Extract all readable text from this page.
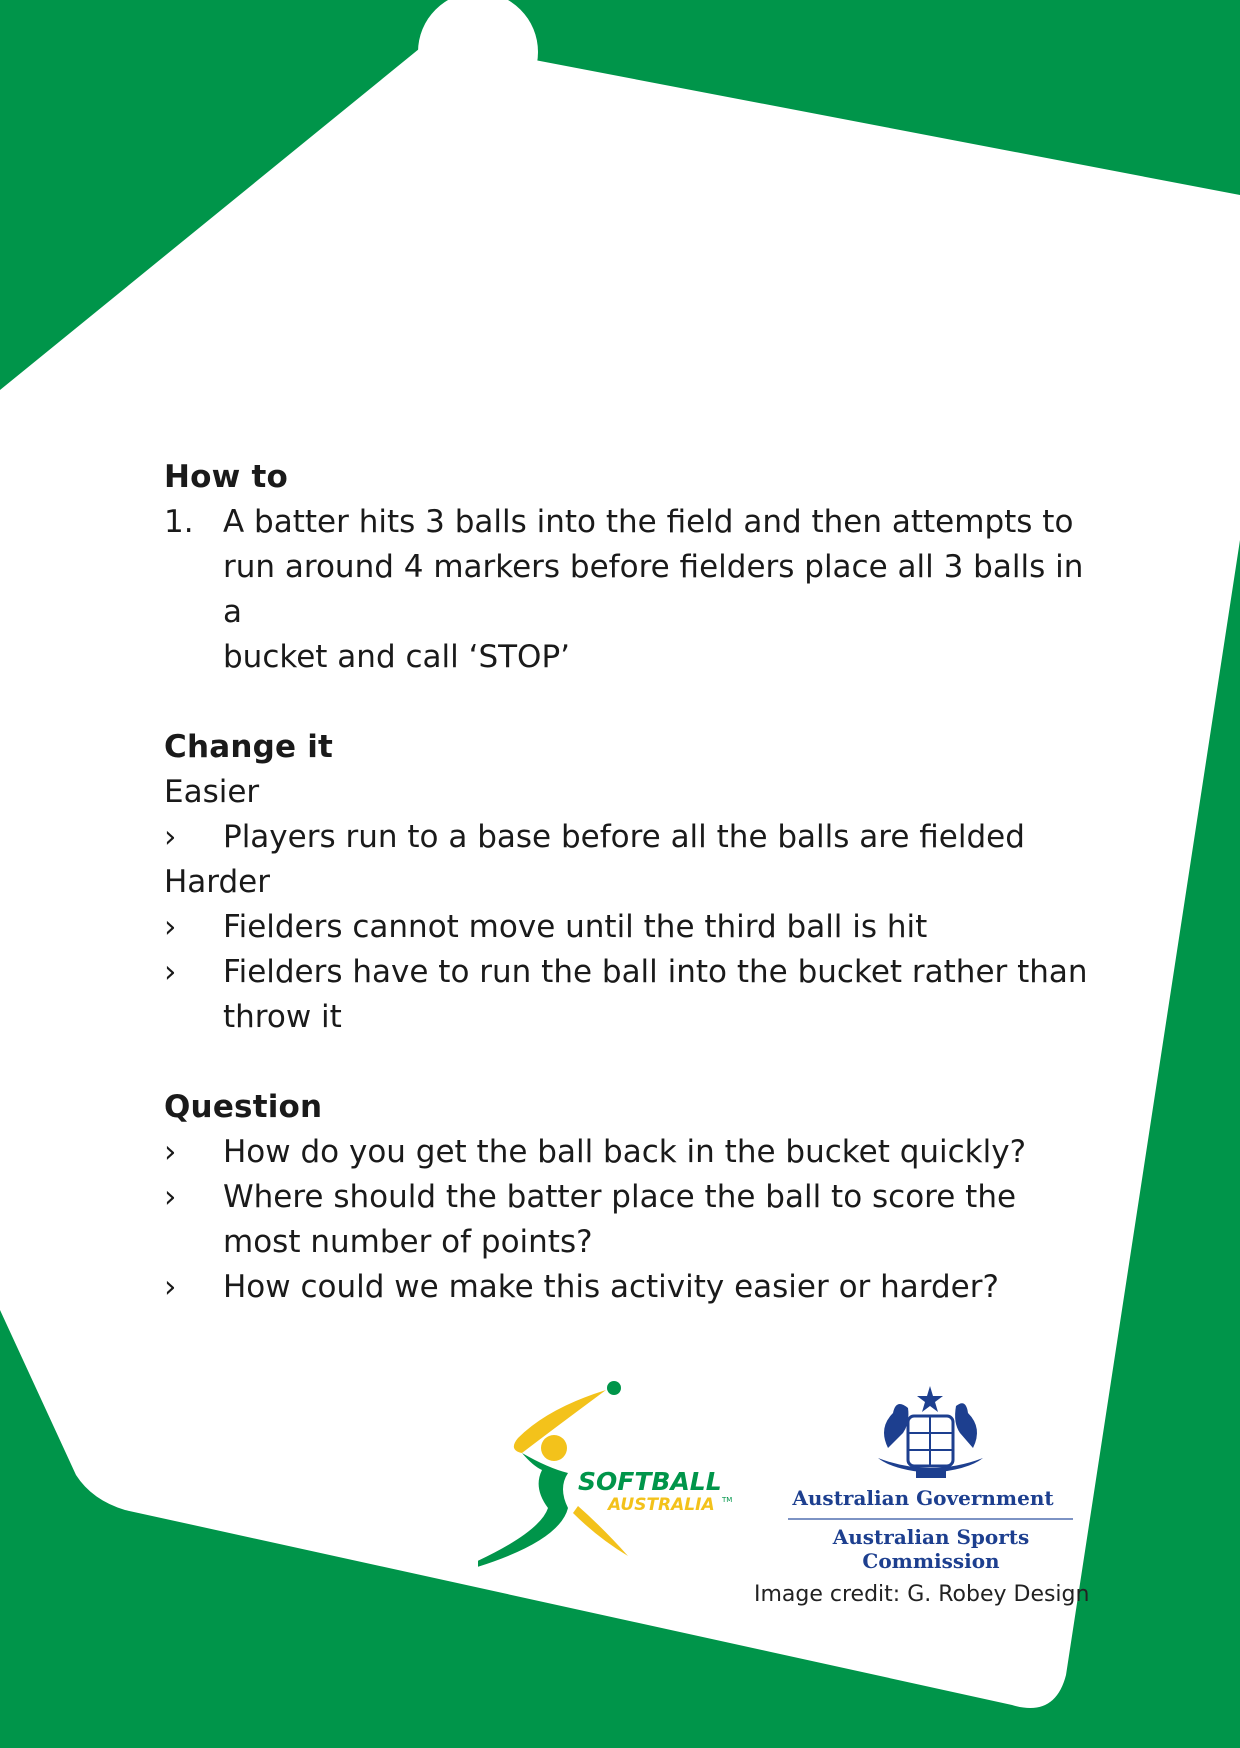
How to

1. A batter hits 3 balls into the field and then attempts to
run around 4 markers before fielders place all 3 balls in a
bucket and call ‘STOP’

Change it

Easier

› Players run to a base before all the balls are fielded

Harder

› Fielders cannot move until the third ball is hit
› Fielders have to run the ball into the bucket rather than
throw it

Question

› How do you get the ball back in the bucket quickly?
› Where should the batter place the ball to score the
most number of points?
› How could we make this activity easier or harder?
SOFTBALL
AUSTRALIA TM	Australian Government
Australian Sports Commission
Image credit: G. Robey Design
